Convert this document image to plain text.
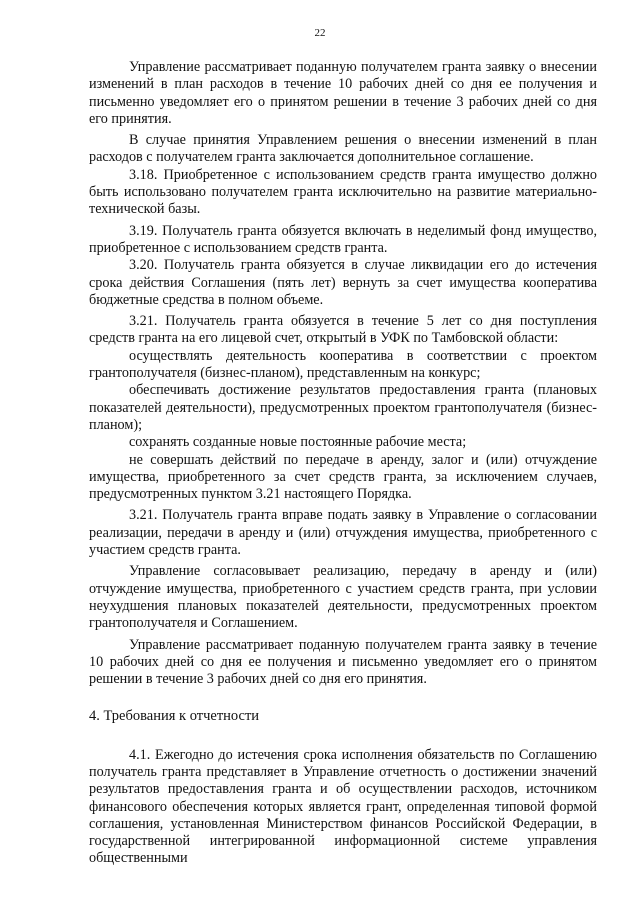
22

Управление рассматривает поданную получателем гранта заявку о внесении изменений в план расходов в течение 10 рабочих дней со дня ее получения и письменно уведомляет его о принятом решении в течение 3 рабочих дней со дня его принятия.

В случае принятия Управлением решения о внесении изменений в план расходов с получателем гранта заключается дополнительное соглашение.

3.18. Приобретенное с использованием средств гранта имущество должно быть использовано получателем гранта исключительно на развитие материально-технической базы.

3.19. Получатель гранта обязуется включать в неделимый фонд имущество, приобретенное с использованием средств гранта.

3.20. Получатель гранта обязуется в случае ликвидации его до истечения срока действия Соглашения (пять лет) вернуть за счет имущества кооператива бюджетные средства в полном объеме.

3.21. Получатель гранта обязуется в течение 5 лет со дня поступления средств гранта на его лицевой счет, открытый в УФК по Тамбовской области:

осуществлять деятельность кооператива в соответствии с проектом грантополучателя (бизнес-планом), представленным на конкурс;

обеспечивать достижение результатов предоставления гранта (плановых показателей деятельности), предусмотренных проектом грантополучателя (бизнес-планом);

сохранять созданные новые постоянные рабочие места;

не совершать действий по передаче в аренду, залог и (или) отчуждение имущества, приобретенного за счет средств гранта, за исключением случаев, предусмотренных пунктом 3.21 настоящего Порядка.

3.21. Получатель гранта вправе подать заявку в Управление о согласовании реализации, передачи в аренду и (или) отчуждения имущества, приобретенного с участием средств гранта.

Управление согласовывает реализацию, передачу в аренду и (или) отчуждение имущества, приобретенного с участием средств гранта, при условии неухудшения плановых показателей деятельности, предусмотренных проектом грантополучателя и Соглашением.

Управление рассматривает поданную получателем гранта заявку в течение 10 рабочих дней со дня ее получения и письменно уведомляет его о принятом решении в течение 3 рабочих дней со дня его принятия.

4. Требования к отчетности

4.1. Ежегодно до истечения срока исполнения обязательств по Соглашению получатель гранта представляет в Управление отчетность о достижении значений результатов предоставления гранта и об осуществлении расходов, источником финансового обеспечения которых является грант, определенная типовой формой соглашения, установленная Министерством финансов Российской Федерации, в государственной интегрированной информационной системе управления общественными
